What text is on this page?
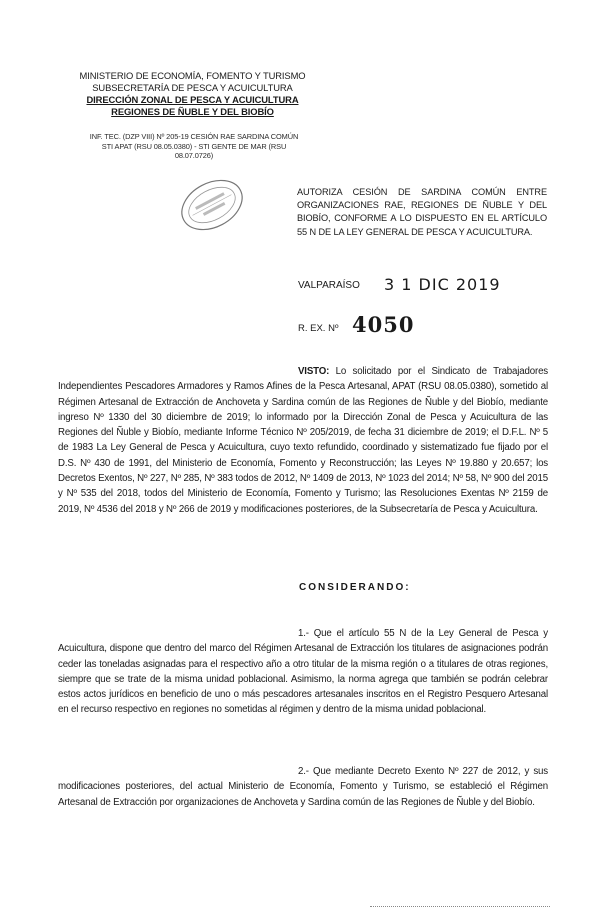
MINISTERIO DE ECONOMÍA, FOMENTO Y TURISMO
SUBSECRETARÍA DE PESCA Y ACUICULTURA
DIRECCIÓN ZONAL DE PESCA Y ACUICULTURA
REGIONES DE ÑUBLE Y DEL BIOBÍO
INF. TEC. (DZP VIII) Nº 205-19 CESIÓN RAE SARDINA COMÚN
STI APAT (RSU 08.05.0380) - STI GENTE DE MAR (RSU
08.07.0726)
AUTORIZA CESIÓN DE SARDINA COMÚN ENTRE ORGANIZACIONES RAE, REGIONES DE ÑUBLE Y DEL BIOBÍO, CONFORME A LO DISPUESTO EN EL ARTÍCULO 55 N DE LA LEY GENERAL DE PESCA Y ACUICULTURA.
VALPARAÍSO 3 1 DIC 2019
R. EX. Nº 4050
VISTO: Lo solicitado por el Sindicato de Trabajadores Independientes Pescadores Armadores y Ramos Afines de la Pesca Artesanal, APAT (RSU 08.05.0380), sometido al Régimen Artesanal de Extracción de Anchoveta y Sardina común de las Regiones de Ñuble y del Biobío, mediante ingreso Nº 1330 del 30 diciembre de 2019; lo informado por la Dirección Zonal de Pesca y Acuicultura de las Regiones del Ñuble y Biobío, mediante Informe Técnico Nº 205/2019, de fecha 31 diciembre de 2019; el D.F.L. Nº 5 de 1983 La Ley General de Pesca y Acuicultura, cuyo texto refundido, coordinado y sistematizado fue fijado por el D.S. Nº 430 de 1991, del Ministerio de Economía, Fomento y Reconstrucción; las Leyes Nº 19.880 y 20.657; los Decretos Exentos, Nº 227, Nº 285, Nº 383 todos de 2012, Nº 1409 de 2013, Nº 1023 del 2014; Nº 58, Nº 900 del 2015 y Nº 535 del 2018, todos del Ministerio de Economía, Fomento y Turismo; las Resoluciones Exentas Nº 2159 de 2019, Nº 4536 del 2018 y Nº 266 de 2019 y modificaciones posteriores, de la Subsecretaría de Pesca y Acuicultura.
CONSIDERANDO:
1.- Que el artículo 55 N de la Ley General de Pesca y Acuicultura, dispone que dentro del marco del Régimen Artesanal de Extracción los titulares de asignaciones podrán ceder las toneladas asignadas para el respectivo año a otro titular de la misma región o a titulares de otras regiones, siempre que se trate de la misma unidad poblacional. Asimismo, la norma agrega que también se podrán celebrar estos actos jurídicos en beneficio de uno o más pescadores artesanales inscritos en el Registro Pesquero Artesanal en el recurso respectivo en regiones no sometidas al régimen y dentro de la misma unidad poblacional.
2.- Que mediante Decreto Exento Nº 227 de 2012, y sus modificaciones posteriores, del actual Ministerio de Economía, Fomento y Turismo, se estableció el Régimen Artesanal de Extracción por organizaciones de Anchoveta y Sardina común de las Regiones de Ñuble y del Biobío.
